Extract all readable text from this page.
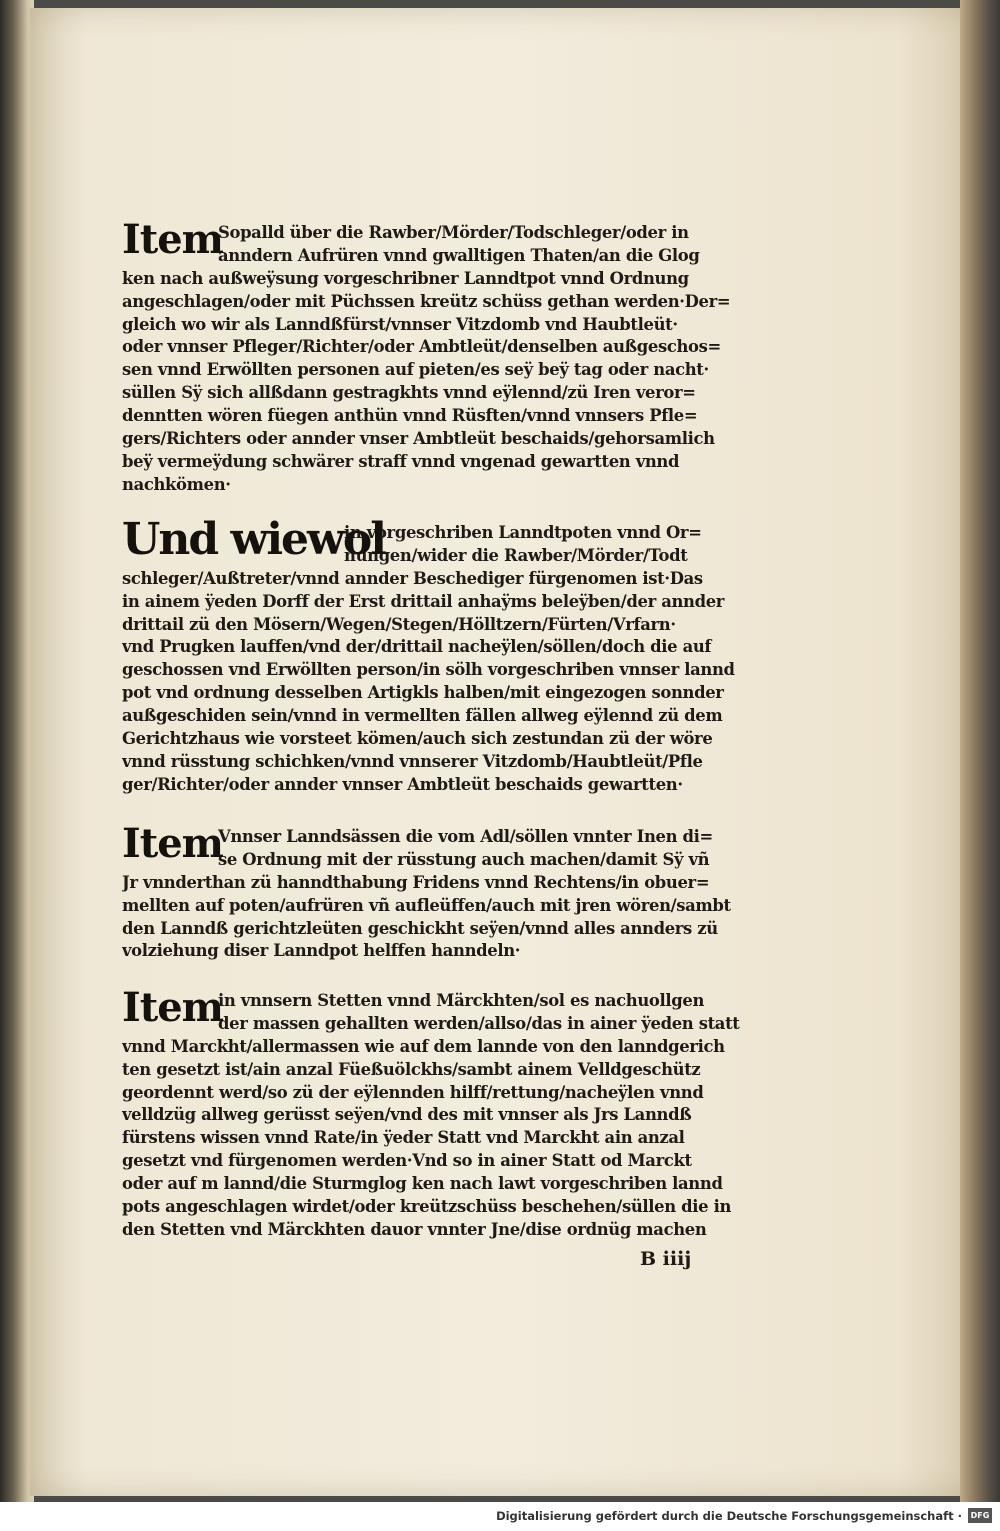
Item
Sopalld über die Rawber/Mörder/Todschleger/oder in
anndern Aufrüren vnnd gwalltigen Thaten/an die Glog
ken nach außweÿsung vorgeschribner Lanndtpot vnnd Ordnung
angeschlagen/oder mit Püchssen kreütz schüss gethan werden·Der=
gleich wo wir als Lanndßfürst/vnnser Vitzdomb vnd Haubtleüt·
oder vnnser Pfleger/Richter/oder Ambtleüt/denselben außgeschos=
sen vnnd Erwöllten personen auf pieten/es seÿ beÿ tag oder nacht·
süllen Sÿ sich allßdann gestragkhts vnnd eÿlennd/zü Iren veror=
denntten wören füegen anthün vnnd Rüsften/vnnd vnnsers Pfle=
gers/Richters oder annder vnser Ambtleüt beschaids/gehorsamlich
beÿ vermeÿdung schwärer straff vnnd vngenad gewartten vnnd
nachkömen·
Und wiewol
in vorgeschriben Lanndtpoten vnnd Or=
nungen/wider die Rawber/Mörder/Todt
schleger/Außtreter/vnnd annder Beschediger fürgenomen ist·Das
in ainem ÿeden Dorff der Erst drittail anhaÿms beleÿben/der annder
drittail zü den Mösern/Wegen/Stegen/Hölltzern/Fürten/Vrfarn·
vnd Prugken lauffen/vnd der/drittail nacheÿlen/söllen/doch die auf
geschossen vnd Erwöllten person/in sölh vorgeschriben vnnser lannd
pot vnd ordnung desselben Artigkls halben/mit eingezogen sonnder
außgeschiden sein/vnnd in vermellten fällen allweg eÿlennd zü dem
Gerichtzhaus wie vorsteet kömen/auch sich zestundan zü der wöre
vnnd rüsstung schichken/vnnd vnnserer Vitzdomb/Haubtleüt/Pfle
ger/Richter/oder annder vnnser Ambtleüt beschaids gewartten·
Item
Vnnser Lanndsässen die vom Adl/söllen vnnter Inen di=
se Ordnung mit der rüsstung auch machen/damit Sÿ vñ
Jr vnnderthan zü hanndthabung Fridens vnnd Rechtens/in obuer=
mellten auf poten/aufrüren vñ aufleüffen/auch mit jren wören/sambt
den Lanndß gerichtzleüten geschickht seÿen/vnnd alles annders zü
volziehung diser Lanndpot helffen hanndeln·
Item
in vnnsern Stetten vnnd Märckhten/sol es nachuollgen
der massen gehallten werden/allso/das in ainer ÿeden statt
vnnd Marckht/allermassen wie auf dem lannde von den lanndgerich
ten gesetzt ist/ain anzal Füeßuölckhs/sambt ainem Velldgeschütz
geordennt werd/so zü der eÿlennden hilff/rettung/nacheÿlen vnnd
velldzüg allweg gerüsst seÿen/vnd des mit vnnser als Jrs Lanndß
fürstens wissen vnnd Rate/in ÿeder Statt vnd Marckht ain anzal
gesetzt vnd fürgenomen werden·Vnd so in ainer Statt od Marckt
oder auf m lannd/die Sturmglog ken nach lawt vorgeschriben lannd
pots angeschlagen wirdet/oder kreützschüss beschehen/süllen die in
den Stetten vnd Märckhten dauor vnnter Jne/dise ordnüg machen
B iiij
Digitalisierung gefördert durch die Deutsche Forschungsgemeinschaft ·	DFG
